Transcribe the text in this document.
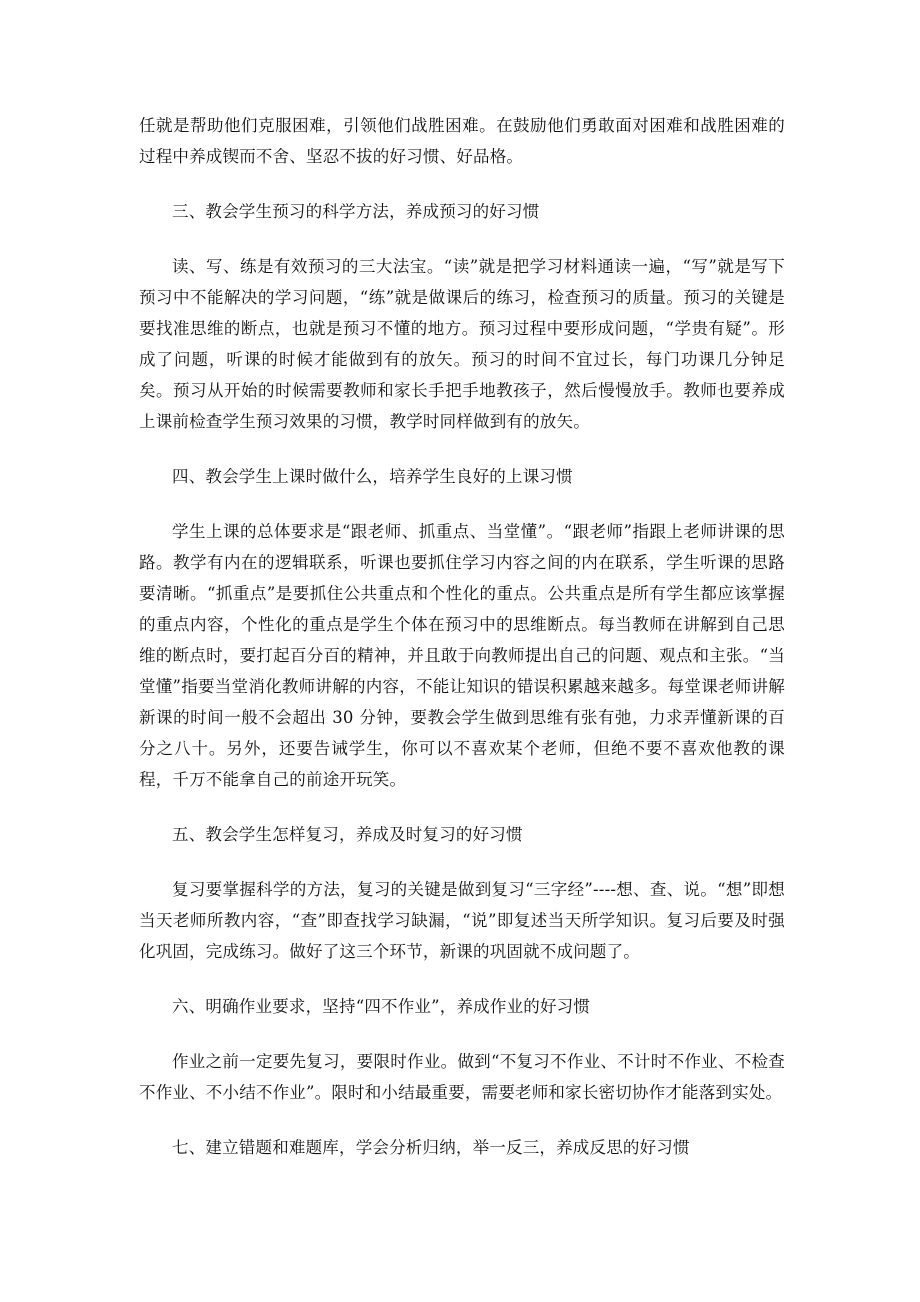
任就是帮助他们克服困难，引领他们战胜困难。在鼓励他们勇敢面对困难和战胜困难的过程中养成锲而不舍、坚忍不拔的好习惯、好品格。

三、教会学生预习的科学方法，养成预习的好习惯

读、写、练是有效预习的三大法宝。“读”就是把学习材料通读一遍，“写”就是写下预习中不能解决的学习问题，“练”就是做课后的练习，检查预习的质量。预习的关键是要找准思维的断点，也就是预习不懂的地方。预习过程中要形成问题，“学贵有疑”。形成了问题，听课的时候才能做到有的放矢。预习的时间不宜过长，每门功课几分钟足矣。预习从开始的时候需要教师和家长手把手地教孩子，然后慢慢放手。教师也要养成上课前检查学生预习效果的习惯，教学时同样做到有的放矢。

四、教会学生上课时做什么，培养学生良好的上课习惯

学生上课的总体要求是“跟老师、抓重点、当堂懂”。“跟老师”指跟上老师讲课的思路。教学有内在的逻辑联系，听课也要抓住学习内容之间的内在联系，学生听课的思路要清晰。“抓重点”是要抓住公共重点和个性化的重点。公共重点是所有学生都应该掌握的重点内容，个性化的重点是学生个体在预习中的思维断点。每当教师在讲解到自己思维的断点时，要打起百分百的精神，并且敢于向教师提出自己的问题、观点和主张。“当堂懂”指要当堂消化教师讲解的内容，不能让知识的错误积累越来越多。每堂课老师讲解新课的时间一般不会超出 30 分钟，要教会学生做到思维有张有弛，力求弄懂新课的百分之八十。另外，还要告诫学生，你可以不喜欢某个老师，但绝不要不喜欢他教的课程，千万不能拿自己的前途开玩笑。

五、教会学生怎样复习，养成及时复习的好习惯

复习要掌握科学的方法，复习的关键是做到复习“三字经”----想、查、说。“想”即想当天老师所教内容，“查”即查找学习缺漏，“说”即复述当天所学知识。复习后要及时强化巩固，完成练习。做好了这三个环节，新课的巩固就不成问题了。

六、明确作业要求，坚持“四不作业”，养成作业的好习惯

作业之前一定要先复习，要限时作业。做到“不复习不作业、不计时不作业、不检查不作业、不小结不作业”。限时和小结最重要，需要老师和家长密切协作才能落到实处。

七、建立错题和难题库，学会分析归纳，举一反三，养成反思的好习惯
